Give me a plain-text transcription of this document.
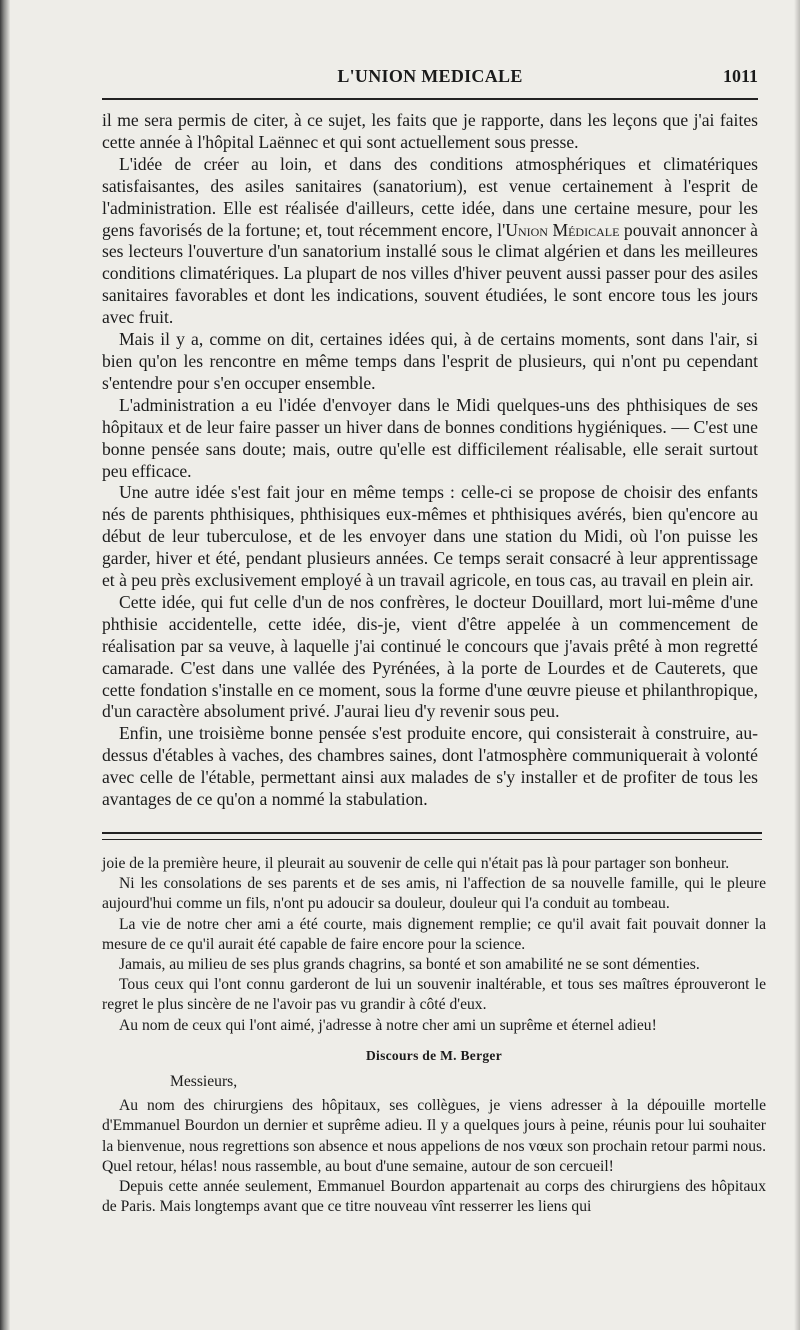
L'UNION MEDICALE	1011

il me sera permis de citer, à ce sujet, les faits que je rapporte, dans les leçons que j'ai faites cette année à l'hôpital Laënnec et qui sont actuellement sous presse.

L'idée de créer au loin, et dans des conditions atmosphériques et climatériques satisfaisantes, des asiles sanitaires (sanatorium), est venue certainement à l'esprit de l'administration. Elle est réalisée d'ailleurs, cette idée, dans une certaine mesure, pour les gens favorisés de la fortune; et, tout récemment encore, l'Union Médicale pouvait annoncer à ses lecteurs l'ouverture d'un sanatorium installé sous le climat algérien et dans les meilleures conditions climatériques. La plupart de nos villes d'hiver peuvent aussi passer pour des asiles sanitaires favorables et dont les indications, souvent étudiées, le sont encore tous les jours avec fruit.

Mais il y a, comme on dit, certaines idées qui, à de certains moments, sont dans l'air, si bien qu'on les rencontre en même temps dans l'esprit de plusieurs, qui n'ont pu cependant s'entendre pour s'en occuper ensemble.

L'administration a eu l'idée d'envoyer dans le Midi quelques-uns des phthisiques de ses hôpitaux et de leur faire passer un hiver dans de bonnes conditions hygiéniques. — C'est une bonne pensée sans doute; mais, outre qu'elle est difficilement réalisable, elle serait surtout peu efficace.

Une autre idée s'est fait jour en même temps : celle-ci se propose de choisir des enfants nés de parents phthisiques, phthisiques eux-mêmes et phthisiques avérés, bien qu'encore au début de leur tuberculose, et de les envoyer dans une station du Midi, où l'on puisse les garder, hiver et été, pendant plusieurs années. Ce temps serait consacré à leur apprentissage et à peu près exclusivement employé à un travail agricole, en tous cas, au travail en plein air.

Cette idée, qui fut celle d'un de nos confrères, le docteur Douillard, mort lui-même d'une phthisie accidentelle, cette idée, dis-je, vient d'être appelée à un commencement de réalisation par sa veuve, à laquelle j'ai continué le concours que j'avais prêté à mon regretté camarade. C'est dans une vallée des Pyrénées, à la porte de Lourdes et de Cauterets, que cette fondation s'installe en ce moment, sous la forme d'une œuvre pieuse et philanthropique, d'un caractère absolument privé. J'aurai lieu d'y revenir sous peu.

Enfin, une troisième bonne pensée s'est produite encore, qui consisterait à construire, au-dessus d'étables à vaches, des chambres saines, dont l'atmosphère communiquerait à volonté avec celle de l'étable, permettant ainsi aux malades de s'y installer et de profiter de tous les avantages de ce qu'on a nommé la stabulation.

joie de la première heure, il pleurait au souvenir de celle qui n'était pas là pour partager son bonheur.

Ni les consolations de ses parents et de ses amis, ni l'affection de sa nouvelle famille, qui le pleure aujourd'hui comme un fils, n'ont pu adoucir sa douleur, douleur qui l'a conduit au tombeau.

La vie de notre cher ami a été courte, mais dignement remplie; ce qu'il avait fait pouvait donner la mesure de ce qu'il aurait été capable de faire encore pour la science.

Jamais, au milieu de ses plus grands chagrins, sa bonté et son amabilité ne se sont démenties.

Tous ceux qui l'ont connu garderont de lui un souvenir inaltérable, et tous ses maîtres éprouveront le regret le plus sincère de ne l'avoir pas vu grandir à côté d'eux.

Au nom de ceux qui l'ont aimé, j'adresse à notre cher ami un suprême et éternel adieu!

Discours de M. Berger

Messieurs,

Au nom des chirurgiens des hôpitaux, ses collègues, je viens adresser à la dépouille mortelle d'Emmanuel Bourdon un dernier et suprême adieu. Il y a quelques jours à peine, réunis pour lui souhaiter la bienvenue, nous regrettions son absence et nous appelions de nos vœux son prochain retour parmi nous. Quel retour, hélas! nous rassemble, au bout d'une semaine, autour de son cercueil!

Depuis cette année seulement, Emmanuel Bourdon appartenait au corps des chirurgiens des hôpitaux de Paris. Mais longtemps avant que ce titre nouveau vînt resserrer les liens qui
